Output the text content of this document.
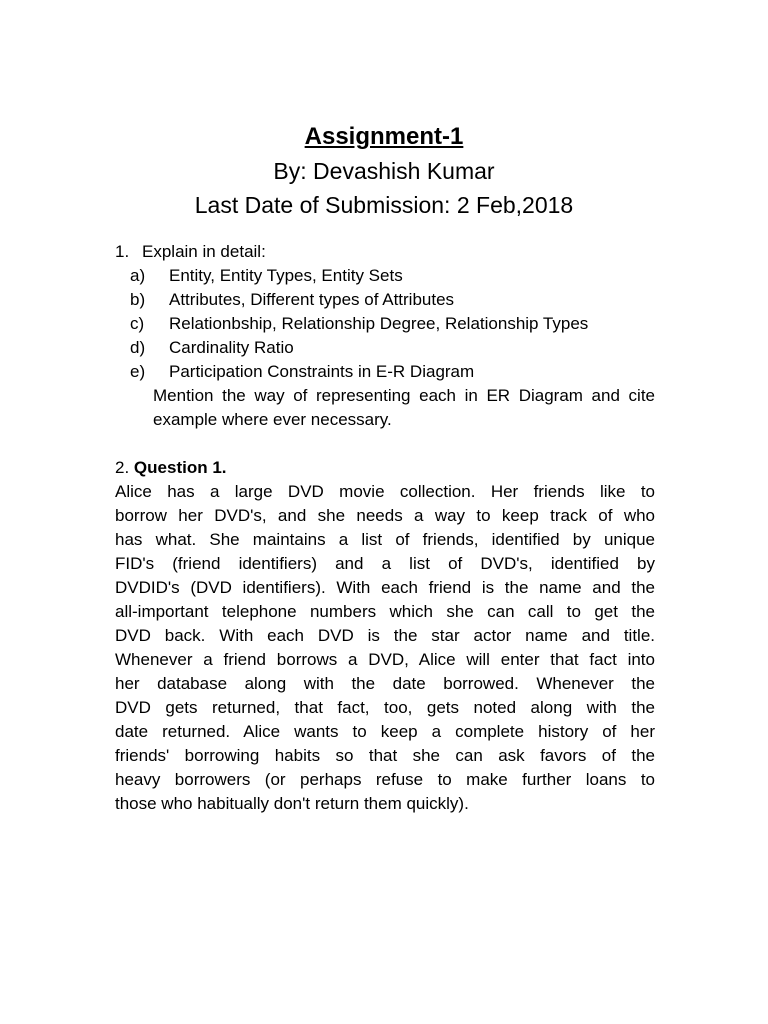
Assignment-1
By: Devashish Kumar
Last Date of Submission: 2 Feb,2018
1. Explain in detail:
a) Entity, Entity Types, Entity Sets
b) Attributes, Different types of Attributes
c) Relationbship, Relationship Degree, Relationship Types
d) Cardinality Ratio
e) Participation Constraints in E-R Diagram
Mention the way of representing each in ER Diagram and cite example where ever necessary.
2. Question 1.
Alice has a large DVD movie collection. Her friends like to
borrow her DVD's, and she needs a way to keep track of who
has what. She maintains a list of friends, identified by unique
FID's (friend identifiers) and a list of DVD's, identified by
DVDID's (DVD identifiers). With each friend is the name and the
all-important telephone numbers which she can call to get the
DVD back. With each DVD is the star actor name and title.
Whenever a friend borrows a DVD, Alice will enter that fact into
her database along with the date borrowed. Whenever the
DVD gets returned, that fact, too, gets noted along with the
date returned. Alice wants to keep a complete history of her
friends' borrowing habits so that she can ask favors of the
heavy borrowers (or perhaps refuse to make further loans to
those who habitually don't return them quickly).
